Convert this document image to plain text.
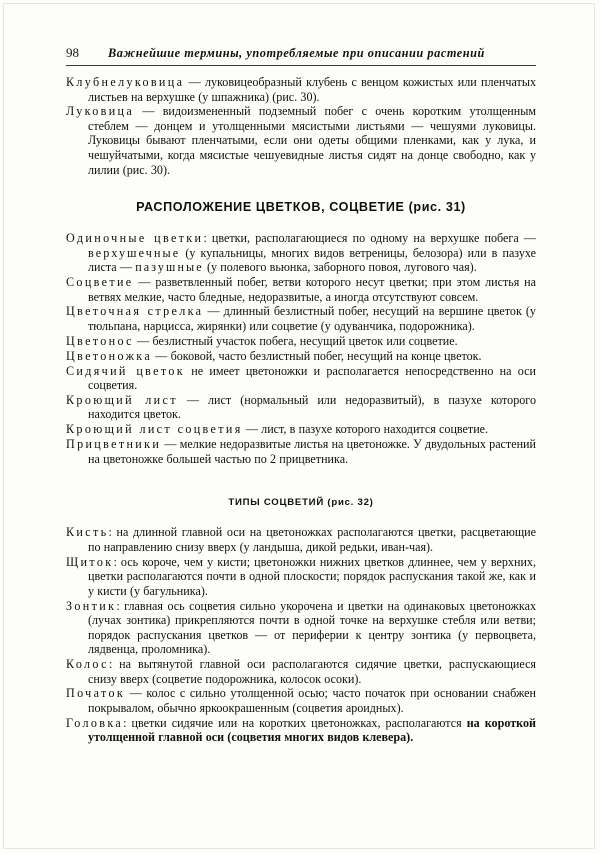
98	Важнейшие термины, употребляемые при описании растений

Клубнелуковица — луковицеобразный клубень с венцом кожистых или пленчатых листьев на верхушке (у шпажника) (рис. 30).

Луковица — видоизмененный подземный побег с очень коротким утолщенным стеблем — донцем и утолщенными мясистыми листьями — чешуями луковицы. Луковицы бывают пленчатыми, если они одеты общими пленками, как у лука, и чешуйчатыми, когда мясистые чешуевидные листья сидят на донце свободно, как у лилии (рис. 30).

РАСПОЛОЖЕНИЕ ЦВЕТКОВ, СОЦВЕТИЕ (рис. 31)

Одиночные цветки: цветки, располагающиеся по одному на верхушке побега — верхушечные (у купальницы, многих видов ветреницы, белозора) или в пазухе листа — пазушные (у полевого вьюнка, заборного повоя, лугового чая).

Соцветие — разветвленный побег, ветви которого несут цветки; при этом листья на ветвях мелкие, часто бледные, недоразвитые, а иногда отсутствуют совсем.

Цветочная стрелка — длинный безлистный побег, несущий на вершине цветок (у тюльпана, нарцисса, жирянки) или соцветие (у одуванчика, подорожника).

Цветонос — безлистный участок побега, несущий цветок или соцветие.

Цветоножка — боковой, часто безлистный побег, несущий на конце цветок.

Сидячий цветок не имеет цветоножки и располагается непосредственно на оси соцветия.

Кроющий лист — лист (нормальный или недоразвитый), в пазухе которого находится цветок.

Кроющий лист соцветия — лист, в пазухе которого находится соцветие.

Прицветники — мелкие недоразвитые листья на цветоножке. У двудольных растений на цветоножке большей частью по 2 прицветника.

ТИПЫ СОЦВЕТИЙ (рис. 32)

Кисть: на длинной главной оси на цветоножках располагаются цветки, расцветающие по направлению снизу вверх (у ландыша, дикой редьки, иван-чая).

Щиток: ось короче, чем у кисти; цветоножки нижних цветков длиннее, чем у верхних, цветки располагаются почти в одной плоскости; порядок распускания такой же, как и у кисти (у багульника).

Зонтик: главная ось соцветия сильно укорочена и цветки на одинаковых цветоножках (лучах зонтика) прикрепляются почти в одной точке на верхушке стебля или ветви; порядок распускания цветков — от периферии к центру зонтика (у первоцвета, лядвенца, проломника).

Колос: на вытянутой главной оси располагаются сидячие цветки, распускающиеся снизу вверх (соцветие подорожника, колосок осоки).

Початок — колос с сильно утолщенной осью; часто початок при основании снабжен покрывалом, обычно яркоокрашенным (соцветия ароидных).

Головка: цветки сидячие или на коротких цветоножках, располагаются на короткой утолщенной главной оси (соцветия многих видов клевера).
